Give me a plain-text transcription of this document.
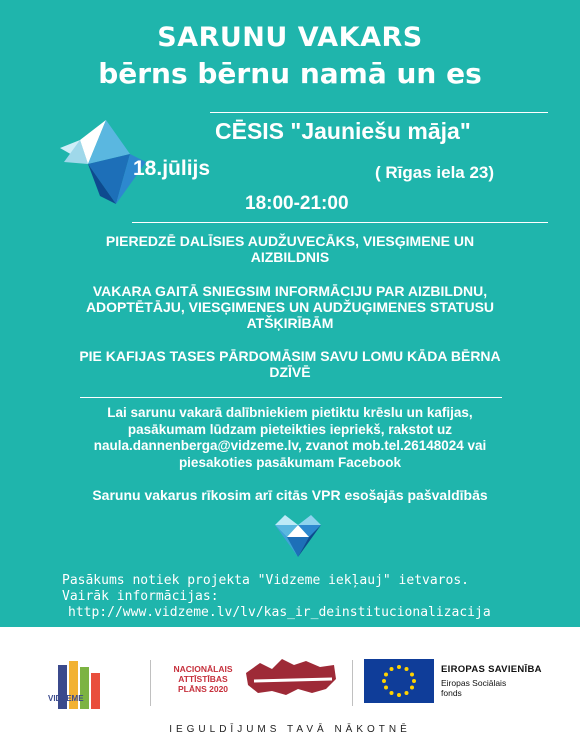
SARUNU VAKARS
bērns bērnu namā un es
CĒSIS "Jauniešu māja"
18.jūlijs	( Rīgas iela 23)
18:00-21:00
PIEREDZĒ DALĪSIES AUDŽUVECĀKS, VIESĢIMENE UN
AIZBILDNIS
VAKARA GAITĀ SNIEGSIM INFORMĀCIJU PAR AIZBILDNU,
ADOPTĒTĀJU, VIESĢIMENES UN AUDŽUĢIMENES STATUSU
ATŠĶIRĪBĀM
PIE KAFIJAS TASES PĀRDOMĀSIM SAVU LOMU KĀDA BĒRNA
DZĪVĒ
Lai sarunu vakarā dalībniekiem pietiktu krēslu un kafijas,
pasākumam lūdzam pieteikties iepriekš, rakstot uz
naula.dannenberga@vidzeme.lv, zvanot mob.tel.26148024 vai
piesakoties pasākumam Facebook
Sarunu vakarus rīkosim arī citās VPR esošajās pašvaldībās
Pasākums notiek projekta "Vidzeme iekļauj" ietvaros.
Vairāk informācijas:
http://www.vidzeme.lv/lv/kas_ir_deinstitucionalizacija
VIDZEME
NACIONĀLAIS
ATTĪSTĪBAS
PLĀNS 2020
EIROPAS SAVIENĪBA
Eiropas Sociālais
fonds
IEGULDĪJUMS TAVĀ NĀKOTNĒ
